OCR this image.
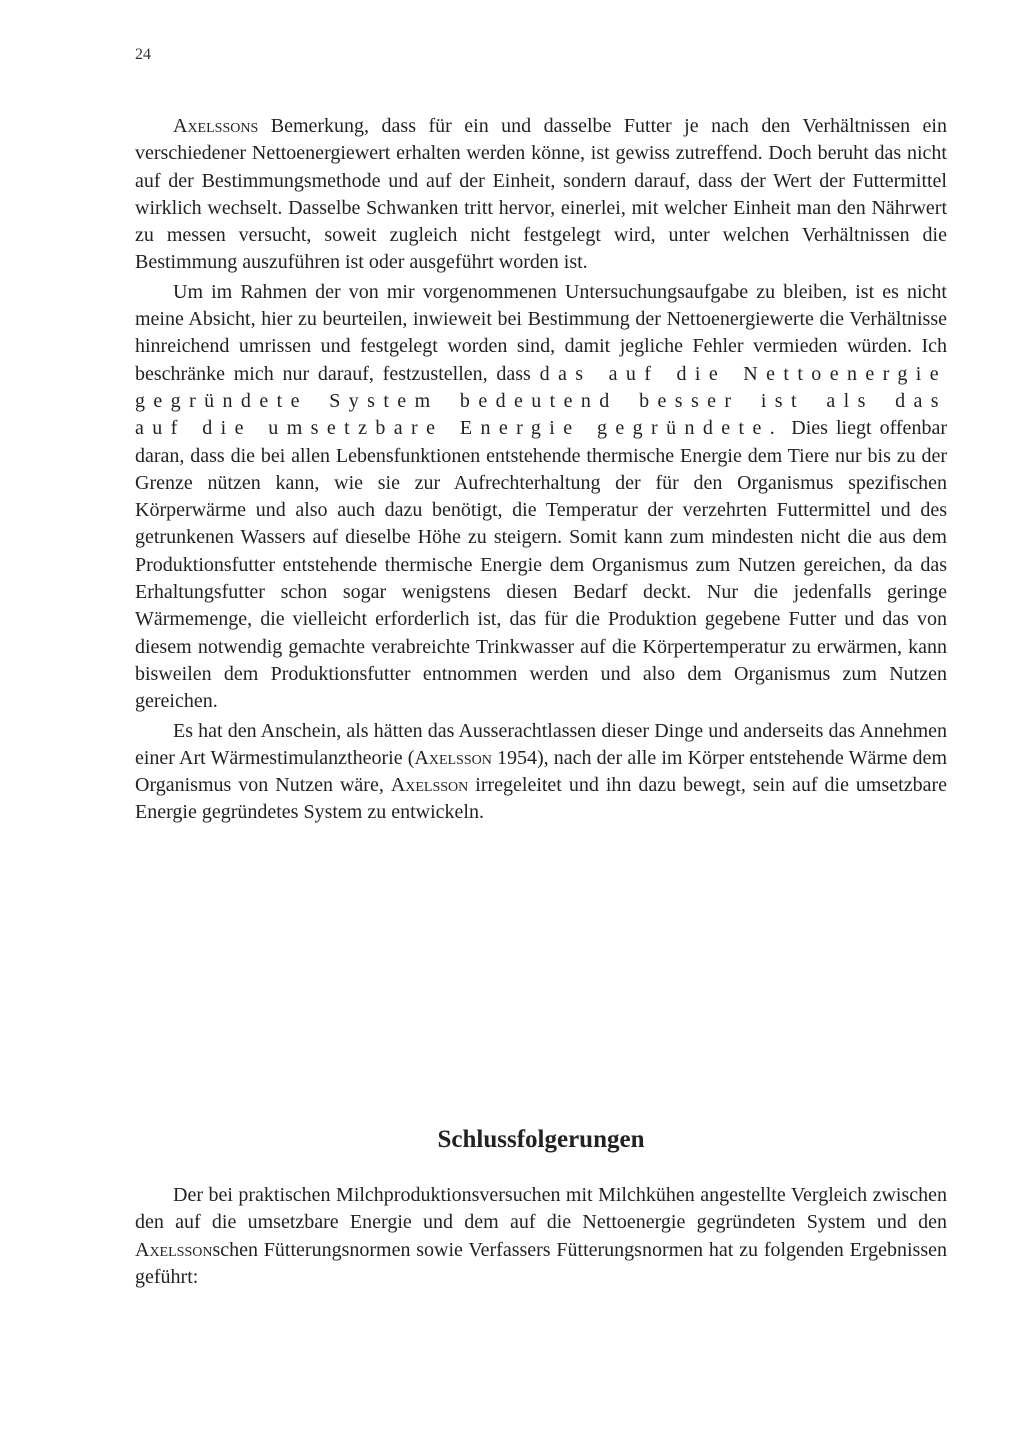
24

Axelssons Bemerkung, dass für ein und dasselbe Futter je nach den Verhältnissen ein verschiedener Nettoenergiewert erhalten werden könne, ist gewiss zutreffend. Doch beruht das nicht auf der Bestimmungsmethode und auf der Einheit, sondern darauf, dass der Wert der Futtermittel wirklich wechselt. Dasselbe Schwanken tritt hervor, einerlei, mit welcher Einheit man den Nährwert zu messen versucht, soweit zugleich nicht festgelegt wird, unter welchen Verhältnissen die Bestimmung auszuführen ist oder ausgeführt worden ist.

Um im Rahmen der von mir vorgenommenen Untersuchungsaufgabe zu bleiben, ist es nicht meine Absicht, hier zu beurteilen, inwieweit bei Bestimmung der Nettoenergiewerte die Verhältnisse hinreichend umrissen und festgelegt worden sind, damit jegliche Fehler vermieden würden. Ich beschränke mich nur darauf, festzustellen, dass das auf die Nettoenergie gegründete System bedeutend besser ist als das auf die umsetzbare Energie gegründete. Dies liegt offenbar daran, dass die bei allen Lebensfunktionen entstehende thermische Energie dem Tiere nur bis zu der Grenze nützen kann, wie sie zur Aufrechterhaltung der für den Organismus spezifischen Körperwärme und also auch dazu benötigt, die Temperatur der verzehrten Futtermittel und des getrunkenen Wassers auf dieselbe Höhe zu steigern. Somit kann zum mindesten nicht die aus dem Produktionsfutter entstehende thermische Energie dem Organismus zum Nutzen gereichen, da das Erhaltungsfutter schon sogar wenigstens diesen Bedarf deckt. Nur die jedenfalls geringe Wärmemenge, die vielleicht erforderlich ist, das für die Produktion gegebene Futter und das von diesem notwendig gemachte verabreichte Trinkwasser auf die Körpertemperatur zu erwärmen, kann bisweilen dem Produktionsfutter entnommen werden und also dem Organismus zum Nutzen gereichen.

Es hat den Anschein, als hätten das Ausserachtlassen dieser Dinge und anderseits das Annehmen einer Art Wärmestimulanztheorie (Axelsson 1954), nach der alle im Körper entstehende Wärme dem Organismus von Nutzen wäre, Axelsson irregeleitet und ihn dazu bewegt, sein auf die umsetzbare Energie gegründetes System zu entwickeln.

Schlussfolgerungen

Der bei praktischen Milchproduktionsversuchen mit Milchkühen angestellte Vergleich zwischen den auf die umsetzbare Energie und dem auf die Nettoenergie gegründeten System und den Axelssonschen Fütterungsnormen sowie Verfassers Fütterungsnormen hat zu folgenden Ergebnissen geführt:
